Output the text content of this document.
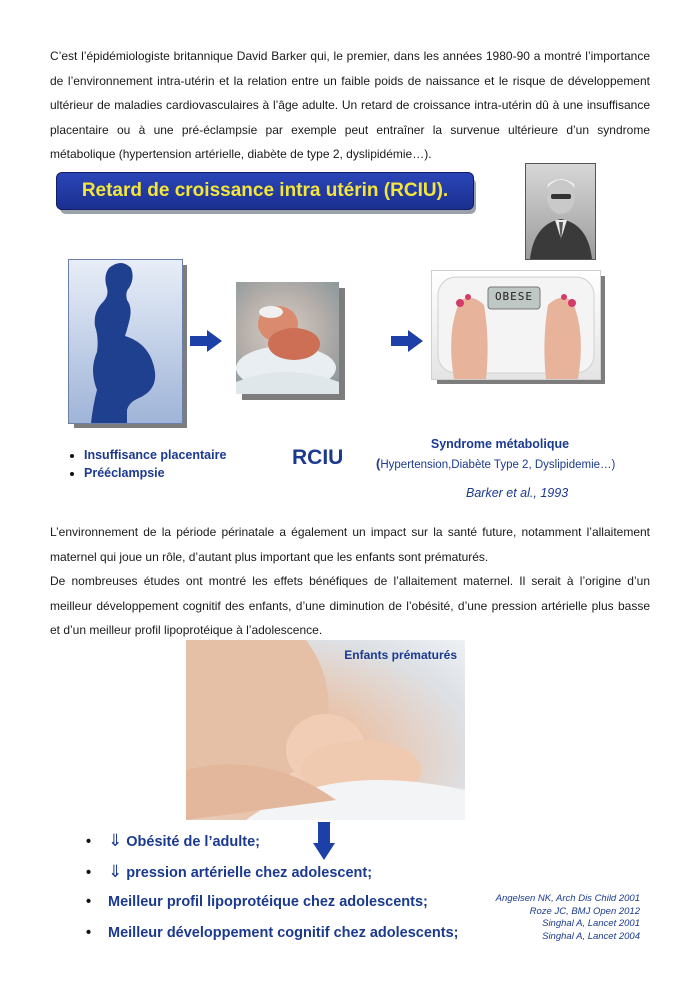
C’est l’épidémiologiste britannique David Barker qui, le premier, dans les années 1980-90 a montré l’importance de l’environnement intra-utérin et la relation entre un faible poids de naissance et le risque de développement ultérieur de maladies cardiovasculaires à l’âge adulte. Un retard de croissance intra-utérin dû à une insuffisance placentaire ou à une pré-éclampsie par exemple peut entraîner la survenue ultérieure d’un syndrome métabolique (hypertension artérielle, diabète de type 2, dyslipidémie…).

Retard de croissance intra utérin (RCIU).
OBESE
• Insuffisance placentaire
• Prééclampsie
RCIU
Syndrome métabolique
(Hypertension,Diabète Type 2, Dyslipidemie…)
Barker et al., 1993

L’environnement de la période périnatale a également un impact sur la santé future, notamment l’allaitement maternel qui joue un rôle, d’autant plus important que les enfants sont prématurés.

De nombreuses études ont montré les effets bénéfiques de l’allaitement maternel. Il serait à l’origine d’un meilleur développement cognitif des enfants, d’une diminution de l’obésité, d’une pression artérielle plus basse et d’un meilleur profil lipoprotéique à l’adolescence.

Enfants prématurés
• ⇓ Obésité de l’adulte;
• ⇓ pression artérielle chez adolescent;
• Meilleur profil lipoprotéique chez adolescents;
• Meilleur développement cognitif chez adolescents;
Angelsen NK, Arch Dis Child 2001
Roze JC, BMJ Open 2012
Singhal A, Lancet 2001
Singhal A, Lancet 2004
